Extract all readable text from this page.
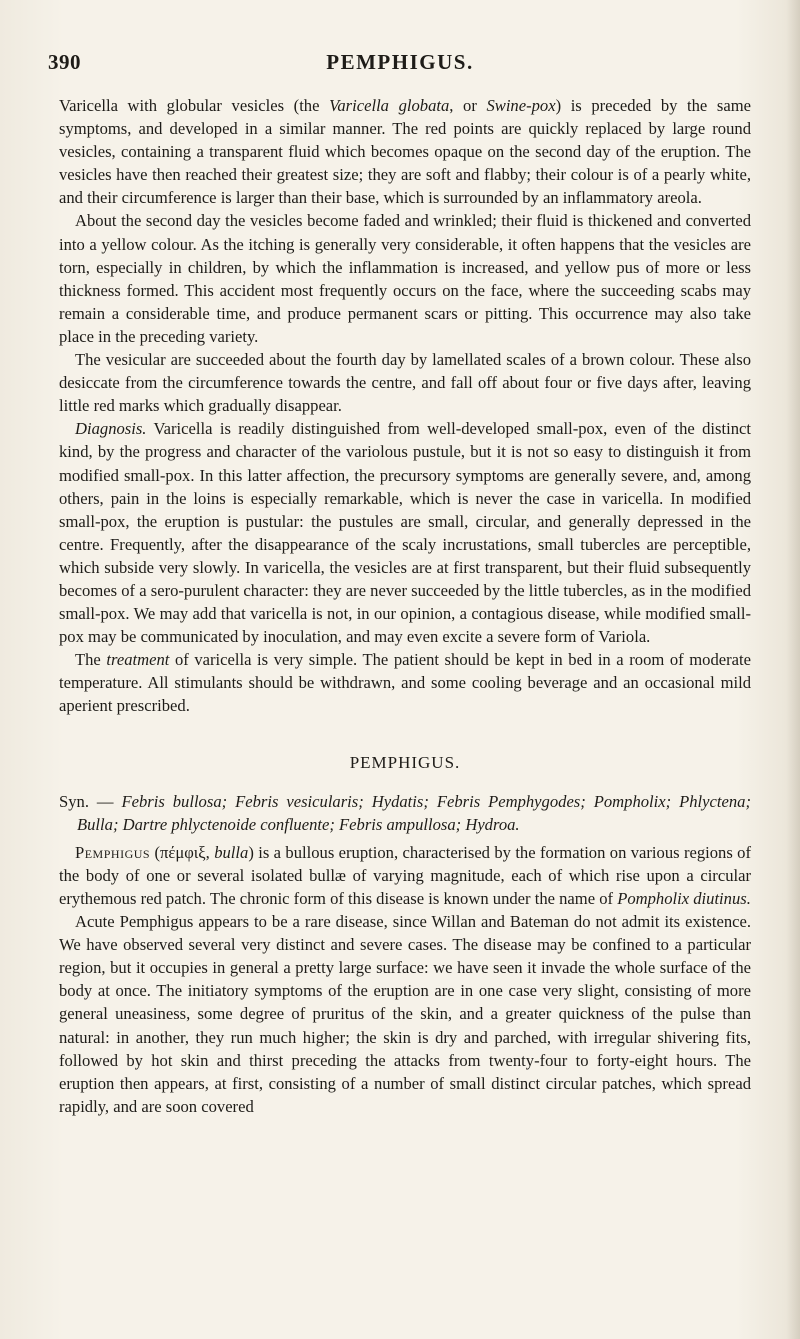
390	PEMPHIGUS.

Varicella with globular vesicles (the Varicella globata, or Swine-pox) is preceded by the same symptoms, and developed in a similar manner. The red points are quickly replaced by large round vesicles, containing a transparent fluid which becomes opaque on the second day of the eruption. The vesicles have then reached their greatest size; they are soft and flabby; their colour is of a pearly white, and their circumference is larger than their base, which is surrounded by an inflammatory areola.

About the second day the vesicles become faded and wrinkled; their fluid is thickened and converted into a yellow colour. As the itching is generally very considerable, it often happens that the vesicles are torn, especially in children, by which the inflammation is increased, and yellow pus of more or less thickness formed. This accident most frequently occurs on the face, where the succeeding scabs may remain a considerable time, and produce permanent scars or pitting. This occurrence may also take place in the preceding variety.

The vesicular are succeeded about the fourth day by lamellated scales of a brown colour. These also desiccate from the circumference towards the centre, and fall off about four or five days after, leaving little red marks which gradually disappear.

Diagnosis. Varicella is readily distinguished from well-developed small-pox, even of the distinct kind, by the progress and character of the variolous pustule, but it is not so easy to distinguish it from modified small-pox. In this latter affection, the precursory symptoms are generally severe, and, among others, pain in the loins is especially remarkable, which is never the case in varicella. In modified small-pox, the eruption is pustular: the pustules are small, circular, and generally depressed in the centre. Frequently, after the disappearance of the scaly incrustations, small tubercles are perceptible, which subside very slowly. In varicella, the vesicles are at first transparent, but their fluid subsequently becomes of a sero-purulent character: they are never succeeded by the little tubercles, as in the modified small-pox. We may add that varicella is not, in our opinion, a contagious disease, while modified small-pox may be communicated by inoculation, and may even excite a severe form of Variola.

The treatment of varicella is very simple. The patient should be kept in bed in a room of moderate temperature. All stimulants should be withdrawn, and some cooling beverage and an occasional mild aperient prescribed.

PEMPHIGUS.

Syn. — Febris bullosa; Febris vesicularis; Hydatis; Febris Pemphygodes; Pompholix; Phlyctena; Bulla; Dartre phlyctenoide confluente; Febris ampullosa; Hydroa.

Pemphigus (πέμφιξ, bulla) is a bullous eruption, characterised by the formation on various regions of the body of one or several isolated bullæ of varying magnitude, each of which rise upon a circular erythemous red patch. The chronic form of this disease is known under the name of Pompholix diutinus.

Acute Pemphigus appears to be a rare disease, since Willan and Bateman do not admit its existence. We have observed several very distinct and severe cases. The disease may be confined to a particular region, but it occupies in general a pretty large surface: we have seen it invade the whole surface of the body at once. The initiatory symptoms of the eruption are in one case very slight, consisting of more general uneasiness, some degree of pruritus of the skin, and a greater quickness of the pulse than natural: in another, they run much higher; the skin is dry and parched, with irregular shivering fits, followed by hot skin and thirst preceding the attacks from twenty-four to forty-eight hours. The eruption then appears, at first, consisting of a number of small distinct circular patches, which spread rapidly, and are soon covered
